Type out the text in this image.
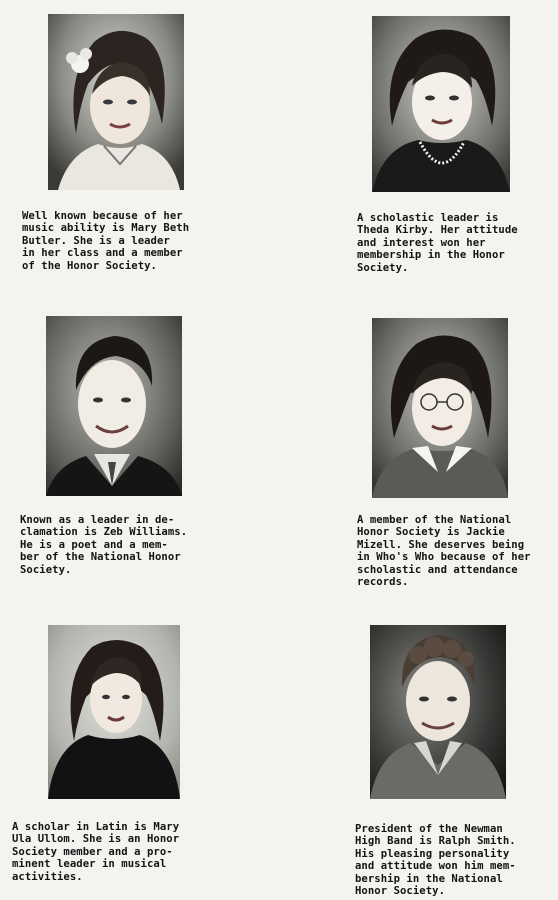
Well known because of her
music ability is Mary Beth
Butler. She is a leader
in her class and a member
of the Honor Society.

A scholastic leader is
Theda Kirby. Her attitude
and interest won her
membership in the Honor
Society.

Known as a leader in de-
clamation is Zeb Williams.
He is a poet and a mem-
ber of the National Honor
Society.

A member of the National
Honor Society is Jackie
Mizell. She deserves being
in Who's Who because of her
scholastic and attendance
records.

A scholar in Latin is Mary
Ula Ullom. She is an Honor
Society member and a pro-
minent leader in musical
activities.

President of the Newman
High Band is Ralph Smith.
His pleasing personality
and attitude won him mem-
bership in the National
Honor Society.
